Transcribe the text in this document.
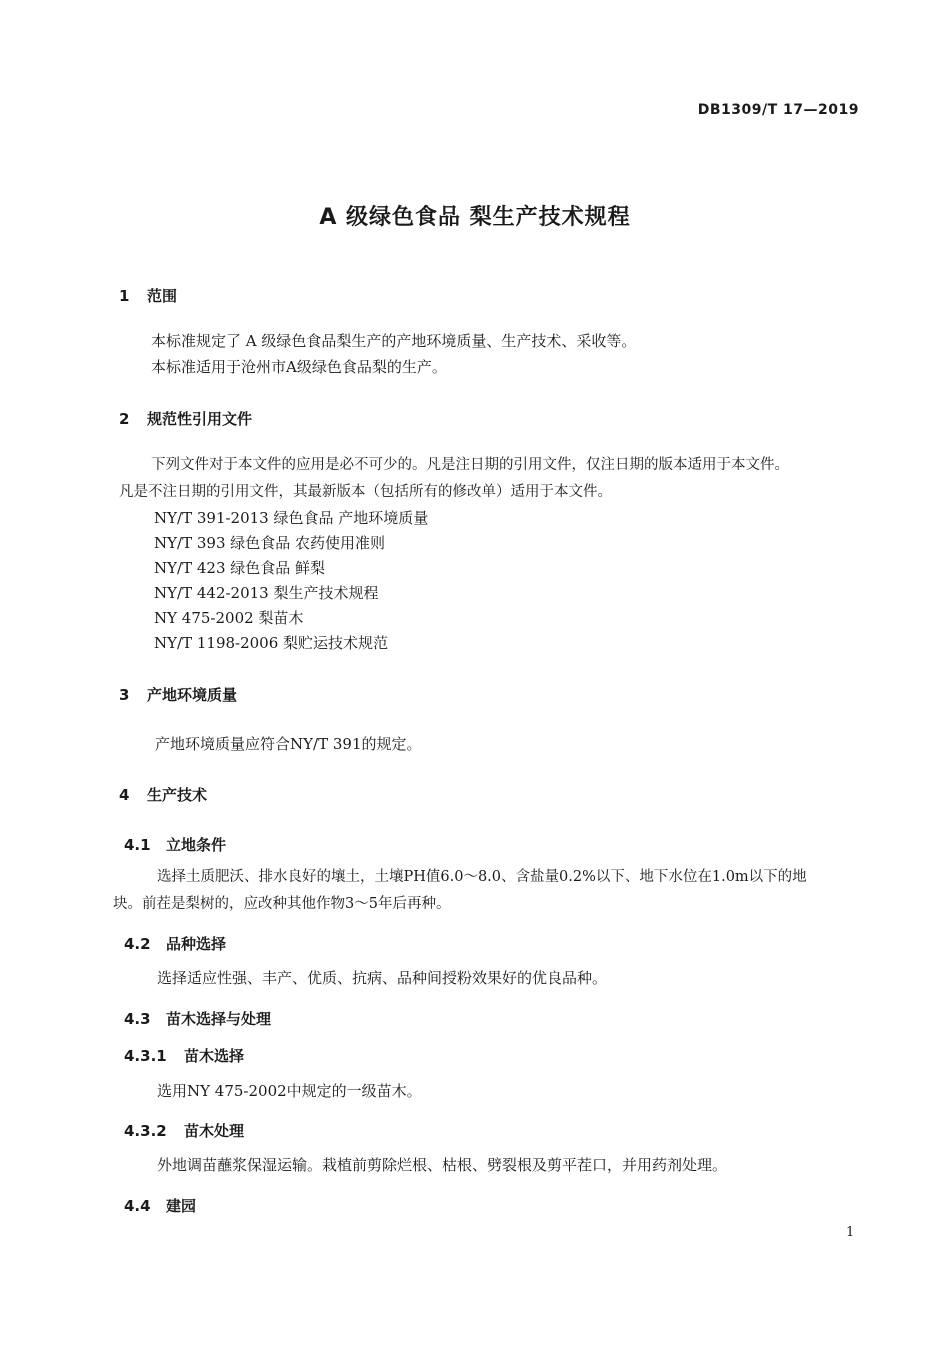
DB1309/T 17—2019
A 级绿色食品 梨生产技术规程
1 范围
本标准规定了 A 级绿色食品梨生产的产地环境质量、生产技术、采收等。
本标准适用于沧州市A级绿色食品梨的生产。
2 规范性引用文件
下列文件对于本文件的应用是必不可少的。凡是注日期的引用文件，仅注日期的版本适用于本文件。
凡是不注日期的引用文件，其最新版本（包括所有的修改单）适用于本文件。
NY/T 391-2013 绿色食品 产地环境质量
NY/T 393 绿色食品 农药使用准则
NY/T 423 绿色食品 鲜梨
NY/T 442-2013 梨生产技术规程
NY 475-2002 梨苗木
NY/T 1198-2006 梨贮运技术规范
3 产地环境质量
产地环境质量应符合NY/T 391的规定。
4 生产技术
4.1 立地条件
选择土质肥沃、排水良好的壤土，土壤PH值6.0～8.0、含盐量0.2%以下、地下水位在1.0m以下的地
块。前茬是梨树的，应改种其他作物3～5年后再种。
4.2 品种选择
选择适应性强、丰产、优质、抗病、品种间授粉效果好的优良品种。
4.3 苗木选择与处理
4.3.1 苗木选择
选用NY 475-2002中规定的一级苗木。
4.3.2 苗木处理
外地调苗蘸浆保湿运输。栽植前剪除烂根、枯根、劈裂根及剪平茬口，并用药剂处理。
4.4 建园
1
